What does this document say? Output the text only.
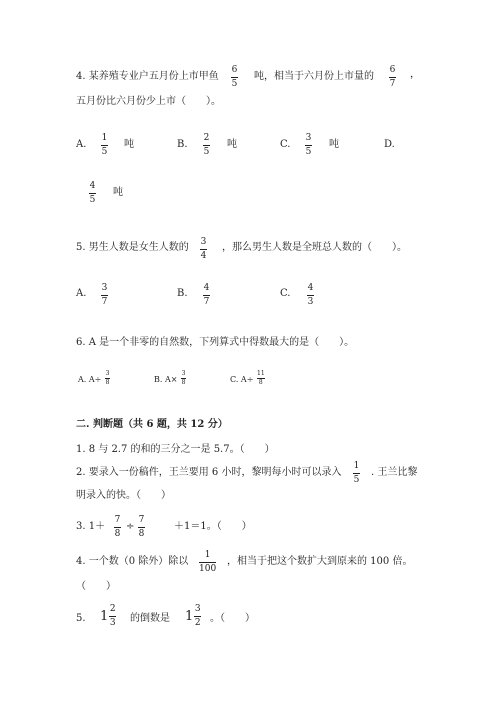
4. 某养殖专业户五月份上市甲鱼
6
5
吨，相当于六月份上市量的
6
7
，
五月份比六月份少上市（　　）。
A.
1
5
吨	B.
2
5
吨	C.
3
5
吨	D.
4
5
吨
5. 男生人数是女生人数的 3
4
，那么男生人数是全班总人数的（　　）。
A. 3
7
B. 4
7
C. 4
3
6. A 是一个非零的自然数，下列算式中得数最大的是（　　）。
A. A÷
3
8	B. A×
3
8	C. A÷
11
8
二. 判断题（共 6 题，共 12 分）
1. 8 与 2.7 的和的三分之一是 5.7。（　　）
2. 要录入一份稿件，王兰要用 6 小时，黎明每小时可以录入
1
5
. 王兰比黎
明录入的快。（　　）
3. 1＋
7
8
÷
7
8
＋1＝1。（　　）
4. 一个数（0 除外）除以
1
100
，相当于把这个数扩大到原来的 100 倍。
（　　）
5. $1 \frac{2}{3}$ 的倒数是 $1 \frac{3}{2}$ 。（　　）
